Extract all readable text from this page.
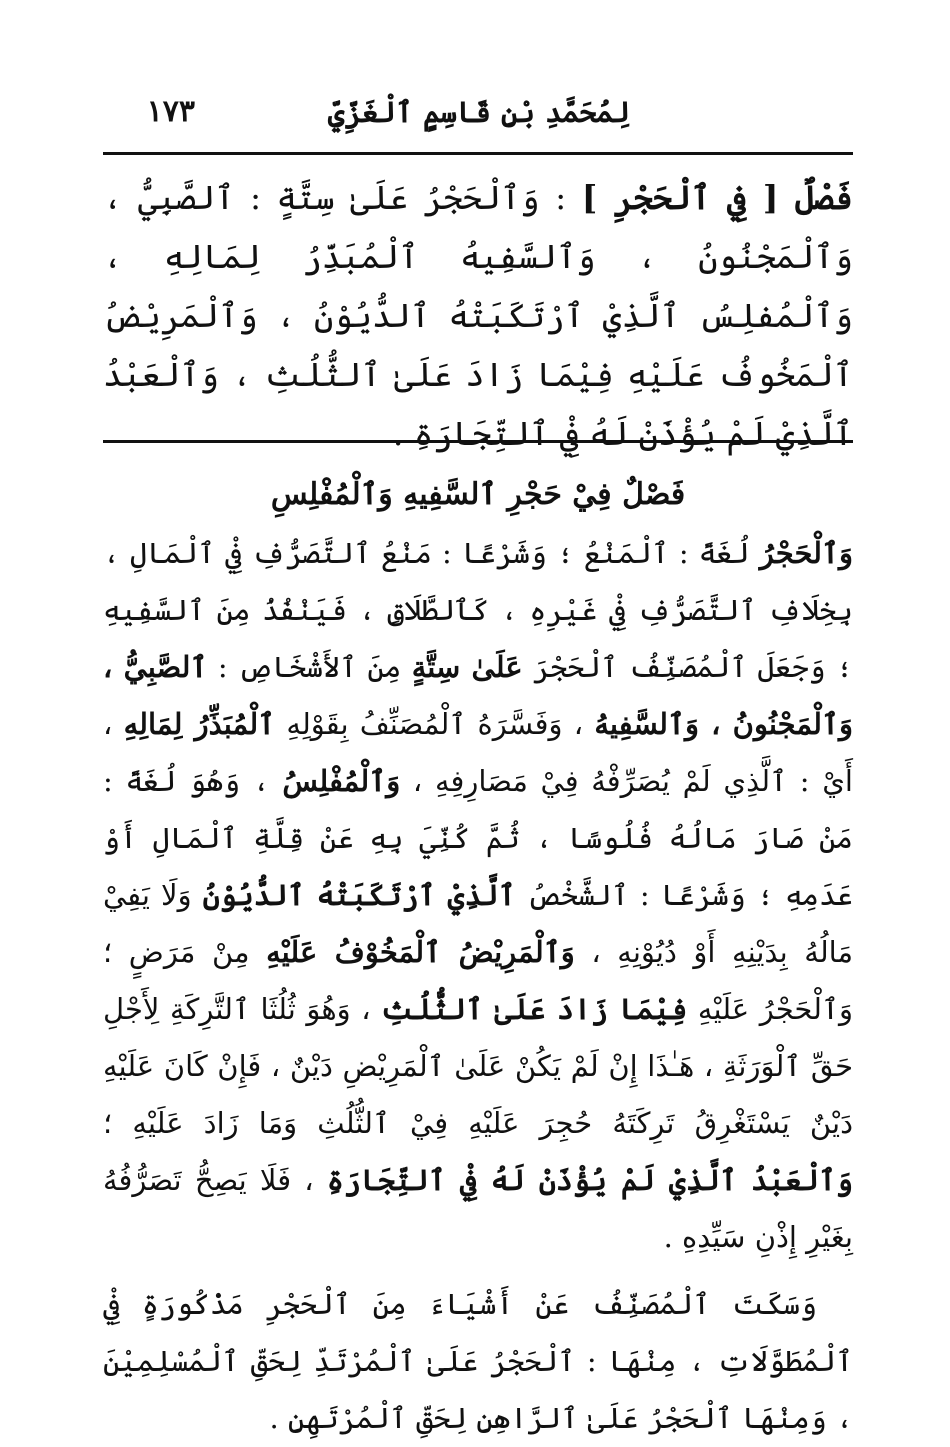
لِمُحَمَّدِ بْنِ قَاسِمٍ ٱلْغَزِّيِّ
١٧٣
فَصْلٌ [ فِي ٱلْحَجْرِ ] : وَٱلْحَجْرُ عَلَىٰ سِتَّةٍ : ٱلصَّبِيُّ ، وَٱلْمَجْنُونُ ، وَٱلسَّفِيهُ ٱلْمُبَذِّرُ لِمَالِهِ ، وَٱلْمُفلِسُ ٱلَّذِيْ ٱرْتَكَبَتْهُ ٱلدُّيُوْنُ ، وَٱلْمَرِيْضُ ٱلْمَخُوفُ عَلَيْهِ فِيْمَا زَادَ عَلَىٰ ٱلثُّلُثِ ، وَٱلْعَبْدُ ٱلَّذِيْ لَمْ يُؤْذَنْ لَهُ فِيْ ٱلتِّجَارَةِ .
فَصْلٌ فِيْ حَجْرِ ٱلسَّفِيهِ وَٱلْمُفْلِسِ

وَٱلْحَجْرُ لُغَةً : ٱلْمَنْعُ ؛ وَشَرْعًا : مَنْعُ ٱلتَّصَرُّفِ فِيْ ٱلْمَالِ ، بِخِلَافِ ٱلتَّصَرُّفِ فِيْ غَيْرِهِ ، كَٱلطَّلَاقِ ، فَيَنْفُذُ مِنَ ٱلسَّفِيهِ ؛ وَجَعَلَ ٱلْمُصَنِّفُ ٱلْحَجْرَ عَلَىٰ سِتَّةٍ مِنَ ٱلأَشْخَاصِ : ٱلصَّبِيُّ ، وَٱلْمَجْنُونُ ، وَٱلسَّفِيهُ ، وَفَسَّرَهُ ٱلْمُصَنِّفُ بِقَوْلِهِ ٱلْمُبَذِّرُ لِمَالِهِ ، أَيْ : ٱلَّذِي لَمْ يُصَرِّفْهُ فِيْ مَصَارِفِهِ ، وَٱلْمُفْلِسُ ، وَهُوَ لُغَةً : مَنْ صَارَ مَالُهُ فُلُوسًا ، ثُمَّ كُنِّيَ بِهِ عَنْ قِلَّةِ ٱلْمَالِ أَوْ عَدَمِهِ ؛ وَشَرْعًا : ٱلشَّخْصُ ٱلَّذِيْ ٱرْتَكَبَتْهُ ٱلدُّيُوْنُ وَلَا يَفِيْ مَالُهُ بِدَيْنِهِ أَوْ دُيُوْنِهِ ، وَٱلْمَرِيْضُ ٱلْمَخُوْفُ عَلَيْهِ مِنْ مَرَضٍ ؛ وَٱلْحَجْرُ عَلَيْهِ فِيْمَا زَادَ عَلَىٰ ٱلثُّلُثِ ، وَهُوَ ثُلُثَا ٱلتَّرِكَةِ لِأَجْلِ حَقِّ ٱلْوَرَثَةِ ، هَـٰذَا إِنْ لَمْ يَكُنْ عَلَىٰ ٱلْمَرِيْضِ دَيْنٌ ، فَإِنْ كَانَ عَلَيْهِ دَيْنٌ يَسْتَغْرِقُ تَرِكَتَهُ حُجِرَ عَلَيْهِ فِيْ ٱلثُّلُثِ وَمَا زَادَ عَلَيْهِ ؛ وَٱلْعَبْدُ ٱلَّذِيْ لَمْ يُؤْذَنْ لَهُ فِيْ ٱلتِّجَارَةِ ، فَلَا يَصِحُّ تَصَرُّفُهُ بِغَيْرِ إِذْنِ سَيِّدِهِ .

وَسَكَتَ ٱلْمُصَنِّفُ عَنْ أَشْيَاءَ مِنَ ٱلْحَجْرِ مَذْكُورَةٍ فِيْ ٱلْمُطَوَّلَاتِ ، مِنْهَا : ٱلْحَجْرُ عَلَىٰ ٱلْمُرْتَدِّ لِحَقِّ ٱلْمُسْلِمِيْنَ ، وَمِنْهَا ٱلْحَجْرُ عَلَىٰ ٱلرَّاهِنِ لِحَقِّ ٱلْمُرْتَهِنِ .
